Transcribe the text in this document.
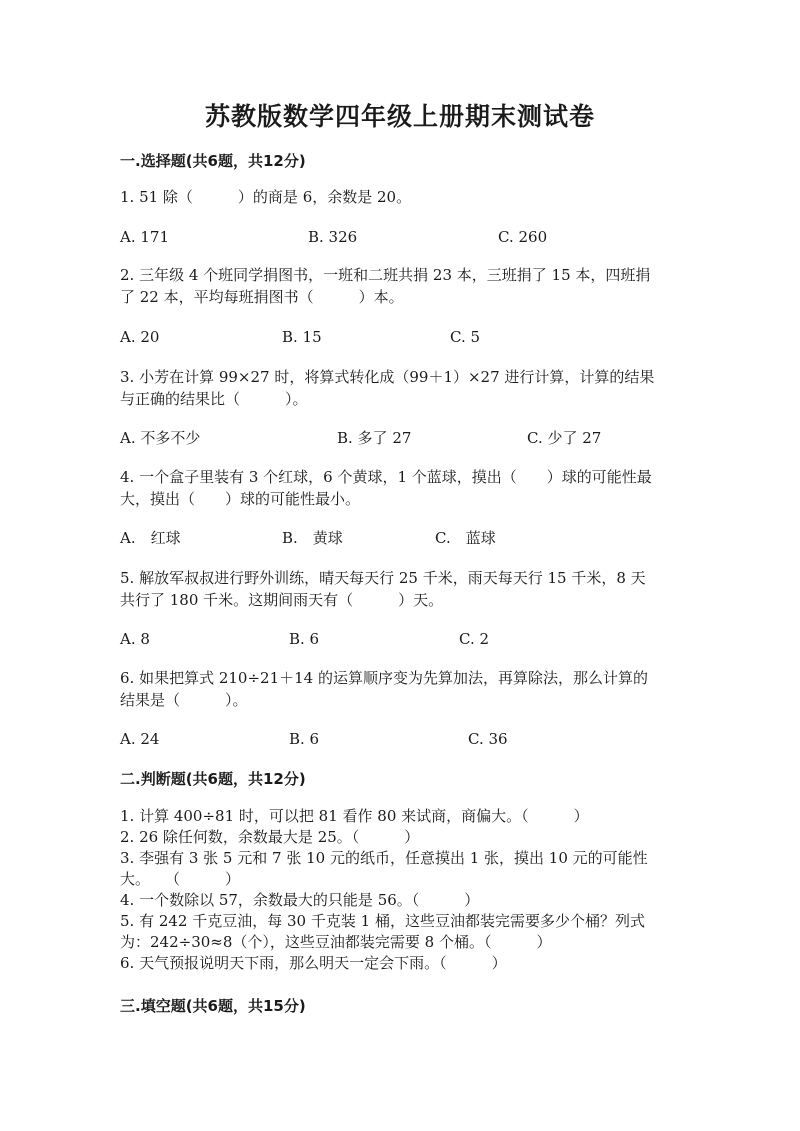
苏教版数学四年级上册期末测试卷
一.选择题(共6题，共12分)
1. 51 除（　　　）的商是 6，余数是 20。
A. 171	B. 326	C. 260
2. 三年级 4 个班同学捐图书，一班和二班共捐 23 本，三班捐了 15 本，四班捐
了 22 本，平均每班捐图书（　　　）本。
A. 20	B. 15	C. 5
3. 小芳在计算 99×27 时，将算式转化成（99＋1）×27 进行计算，计算的结果
与正确的结果比（　　　）。
A. 不多不少	B. 多了 27	C. 少了 27
4. 一个盒子里装有 3 个红球，6 个黄球，1 个蓝球，摸出（　　）球的可能性最
大，摸出（　　）球的可能性最小。
A.　红球	B.　黄球	C.　蓝球
5. 解放军叔叔进行野外训练，晴天每天行 25 千米，雨天每天行 15 千米，8 天
共行了 180 千米。这期间雨天有（　　　）天。
A. 8	B. 6	C. 2
6. 如果把算式 210÷21＋14 的运算顺序变为先算加法，再算除法，那么计算的
结果是（　　　）。
A. 24	B. 6	C. 36
二.判断题(共6题，共12分)
1. 计算 400÷81 时，可以把 81 看作 80 来试商，商偏大。（　　　）
2. 26 除任何数，余数最大是 25。（　　　）
3. 李强有 3 张 5 元和 7 张 10 元的纸币，任意摸出 1 张，摸出 10 元的可能性
大。　　（　　　）
4. 一个数除以 57，余数最大的只能是 56。（　　　）
5. 有 242 千克豆油，每 30 千克装 1 桶，这些豆油都装完需要多少个桶？列式
为：242÷30≈8（个），这些豆油都装完需要 8 个桶。（　　　）
6. 天气预报说明天下雨，那么明天一定会下雨。（　　　）
三.填空题(共6题，共15分)
